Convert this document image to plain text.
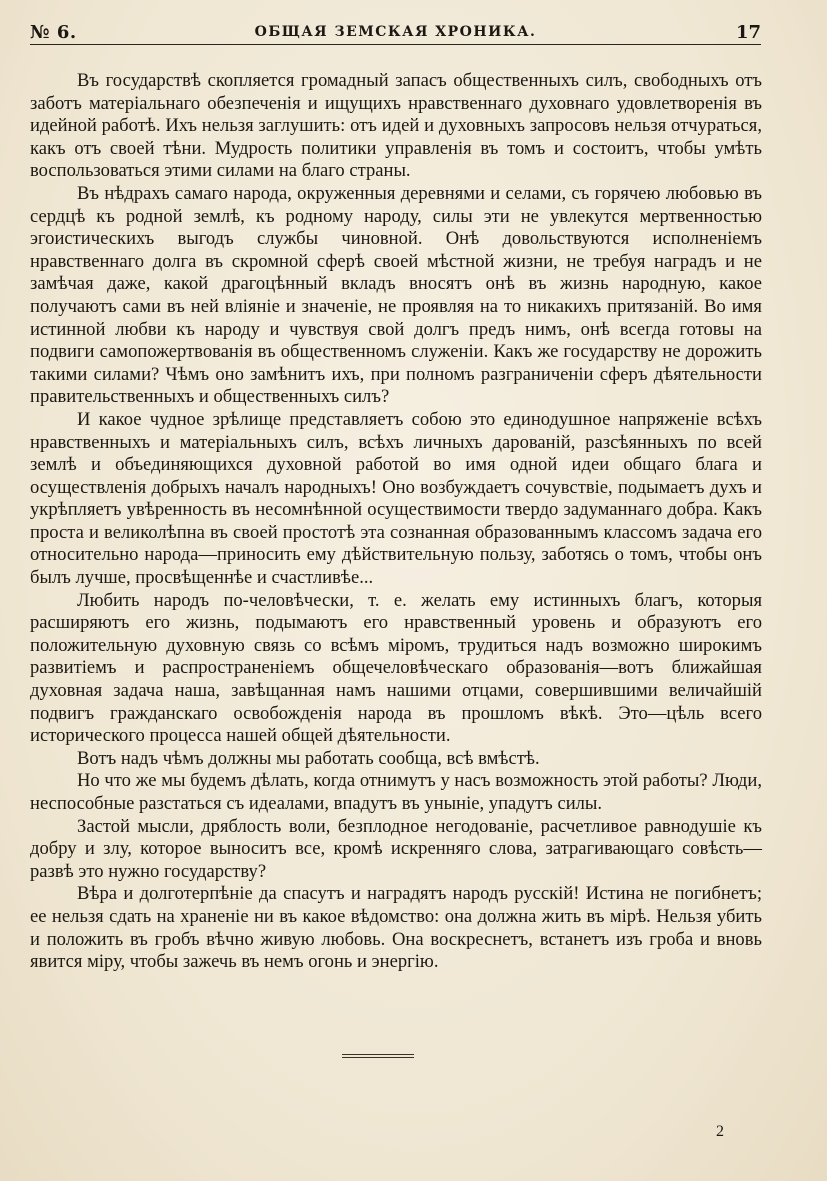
№ 6.	ОБЩАЯ ЗЕМСКАЯ ХРОНИКА.	17

Въ государствѣ скопляется громадный запасъ общественныхъ силъ, свободныхъ отъ заботъ матеріальнаго обезпеченія и ищущихъ нравственнаго духовнаго удовлетворенія въ идейной работѣ. Ихъ нельзя заглушить: отъ идей и духовныхъ запросовъ нельзя отчураться, какъ отъ своей тѣни. Мудрость политики управленія въ томъ и состоитъ, чтобы умѣть воспользоваться этими силами на благо страны.

Въ нѣдрахъ самаго народа, окруженныя деревнями и селами, съ горячею любовью въ сердцѣ къ родной землѣ, къ родному народу, силы эти не увлекутся мертвенностью эгоистическихъ выгодъ службы чиновной. Онѣ довольствуются исполненіемъ нравственнаго долга въ скромной сферѣ своей мѣстной жизни, не требуя наградъ и не замѣчая даже, какой драгоцѣнный вкладъ вносятъ онѣ въ жизнь народную, какое получаютъ сами въ ней вліяніе и значеніе, не проявляя на то никакихъ притязаній. Во имя истинной любви къ народу и чувствуя свой долгъ предъ нимъ, онѣ всегда готовы на подвиги самопожертвованія въ общественномъ служеніи. Какъ же государству не дорожить такими силами? Чѣмъ оно замѣнитъ ихъ, при полномъ разграниченіи сферъ дѣятельности правительственныхъ и общественныхъ силъ?

И какое чудное зрѣлище представляетъ собою это единодушное напряженіе всѣхъ нравственныхъ и матеріальныхъ силъ, всѣхъ личныхъ дарованій, разсѣянныхъ по всей землѣ и объединяющихся духовной работой во имя одной идеи общаго блага и осуществленія добрыхъ началъ народныхъ! Оно возбуждаетъ сочувствіе, подымаетъ духъ и укрѣпляетъ увѣренность въ несомнѣнной осуществимости твердо задуманнаго добра. Какъ проста и великолѣпна въ своей простотѣ эта сознанная образованнымъ классомъ задача его относительно народа—приносить ему дѣйствительную пользу, заботясь о томъ, чтобы онъ былъ лучше, просвѣщеннѣе и счастливѣе...

Любить народъ по-человѣчески, т. е. желать ему истинныхъ благъ, которыя расширяютъ его жизнь, подымаютъ его нравственный уровень и образуютъ его положительную духовную связь со всѣмъ міромъ, трудиться надъ возможно широкимъ развитіемъ и распространеніемъ общечеловѣческаго образованія—вотъ ближайшая духовная задача наша, завѣщанная намъ нашими отцами, совершившими величайшій подвигъ гражданскаго освобожденія народа въ прошломъ вѣкѣ. Это—цѣль всего исторического процесса нашей общей дѣятельности.

Вотъ надъ чѣмъ должны мы работать сообща, всѣ вмѣстѣ.

Но что же мы будемъ дѣлать, когда отнимутъ у насъ возможность этой работы? Люди, неспособные разстаться съ идеалами, впадутъ въ уныніе, упадутъ силы.

Застой мысли, дряблость воли, безплодное негодованіе, расчетливое равнодушіе къ добру и злу, которое выноситъ все, кромѣ искренняго слова, затрагивающаго совѣсть—развѣ это нужно государству?

Вѣра и долготерпѣніе да спасутъ и наградятъ народъ русскій! Истина не погибнетъ; ее нельзя сдать на храненіе ни въ какое вѣдомство: она должна жить въ мірѣ. Нельзя убить и положить въ гробъ вѣчно живую любовь. Она воскреснетъ, встанетъ изъ гроба и вновь явится міру, чтобы зажечь въ немъ огонь и энергію.

2
